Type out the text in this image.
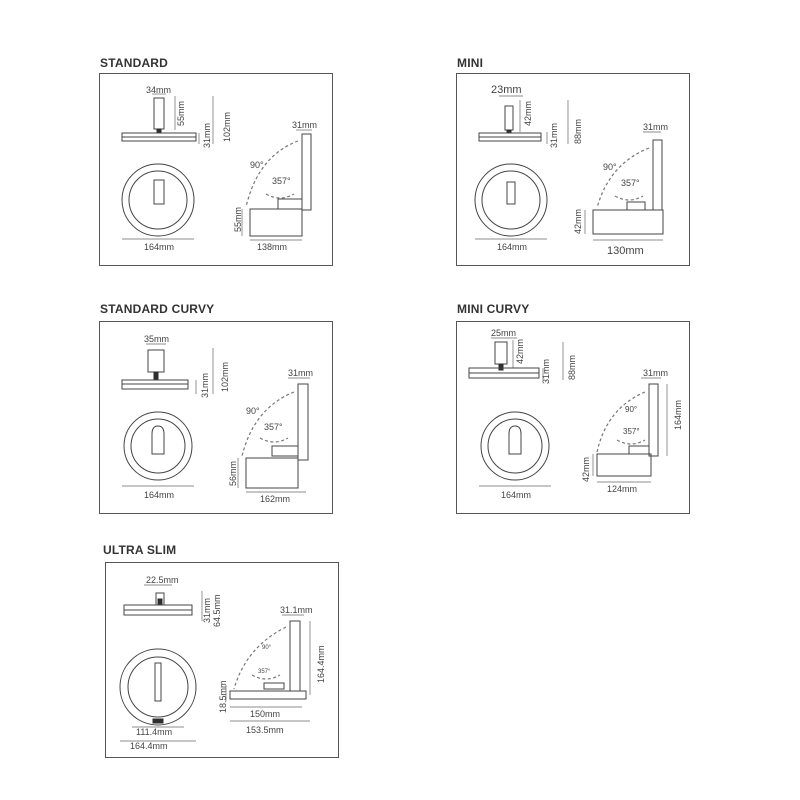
STANDARD
34mm
55mm	102mm
31mm
164mm
31mm
90°
357°
55mm
138mm
MINI
23mm
42mm
88mm
31mm
164mm
31mm
90°
357°
42mm
130mm
STANDARD CURVY
35mm
102mm
31mm
164mm
31mm
90°
357°
56mm
162mm
MINI CURVY
25mm
42mm
31mm 88mm
164mm
31mm
164mm
90°
357°
42mm
124mm
ULTRA SLIM
22.5mm
31mm 64.5mm
111.4mm
164.4mm
31.1mm
164.4mm
90°
357°
18.5mm
150mm
153.5mm
